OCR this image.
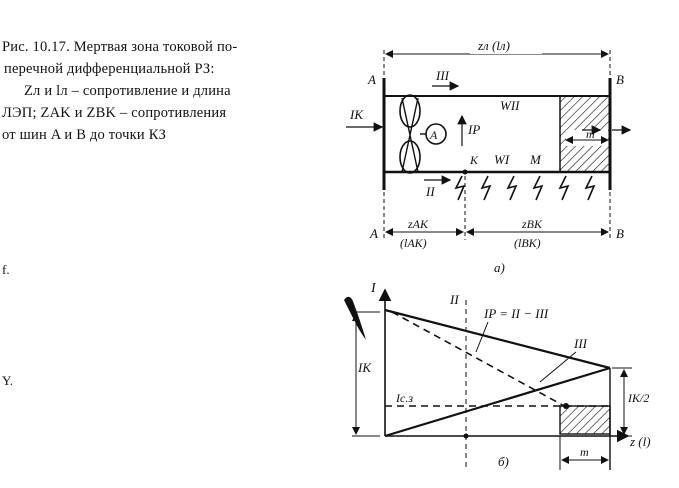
Рис. 10.17. Мертвая зона токовой по-

перечной дифференциальной РЗ:

Zл и lл – сопротивление и длина

ЛЭП; ZAK и ZBK – сопротивления

от шин A и B до точки КЗ

f.
Y.
zл (lл)
A	B
III
IK
A IP
WII
WI M
K
m
II
zAK
(lAK)
zBK
(lBK)
A	B
a)
I
z (l)
IK
IK/2
m
II
IP = II − III
III
Ic.з
б)
